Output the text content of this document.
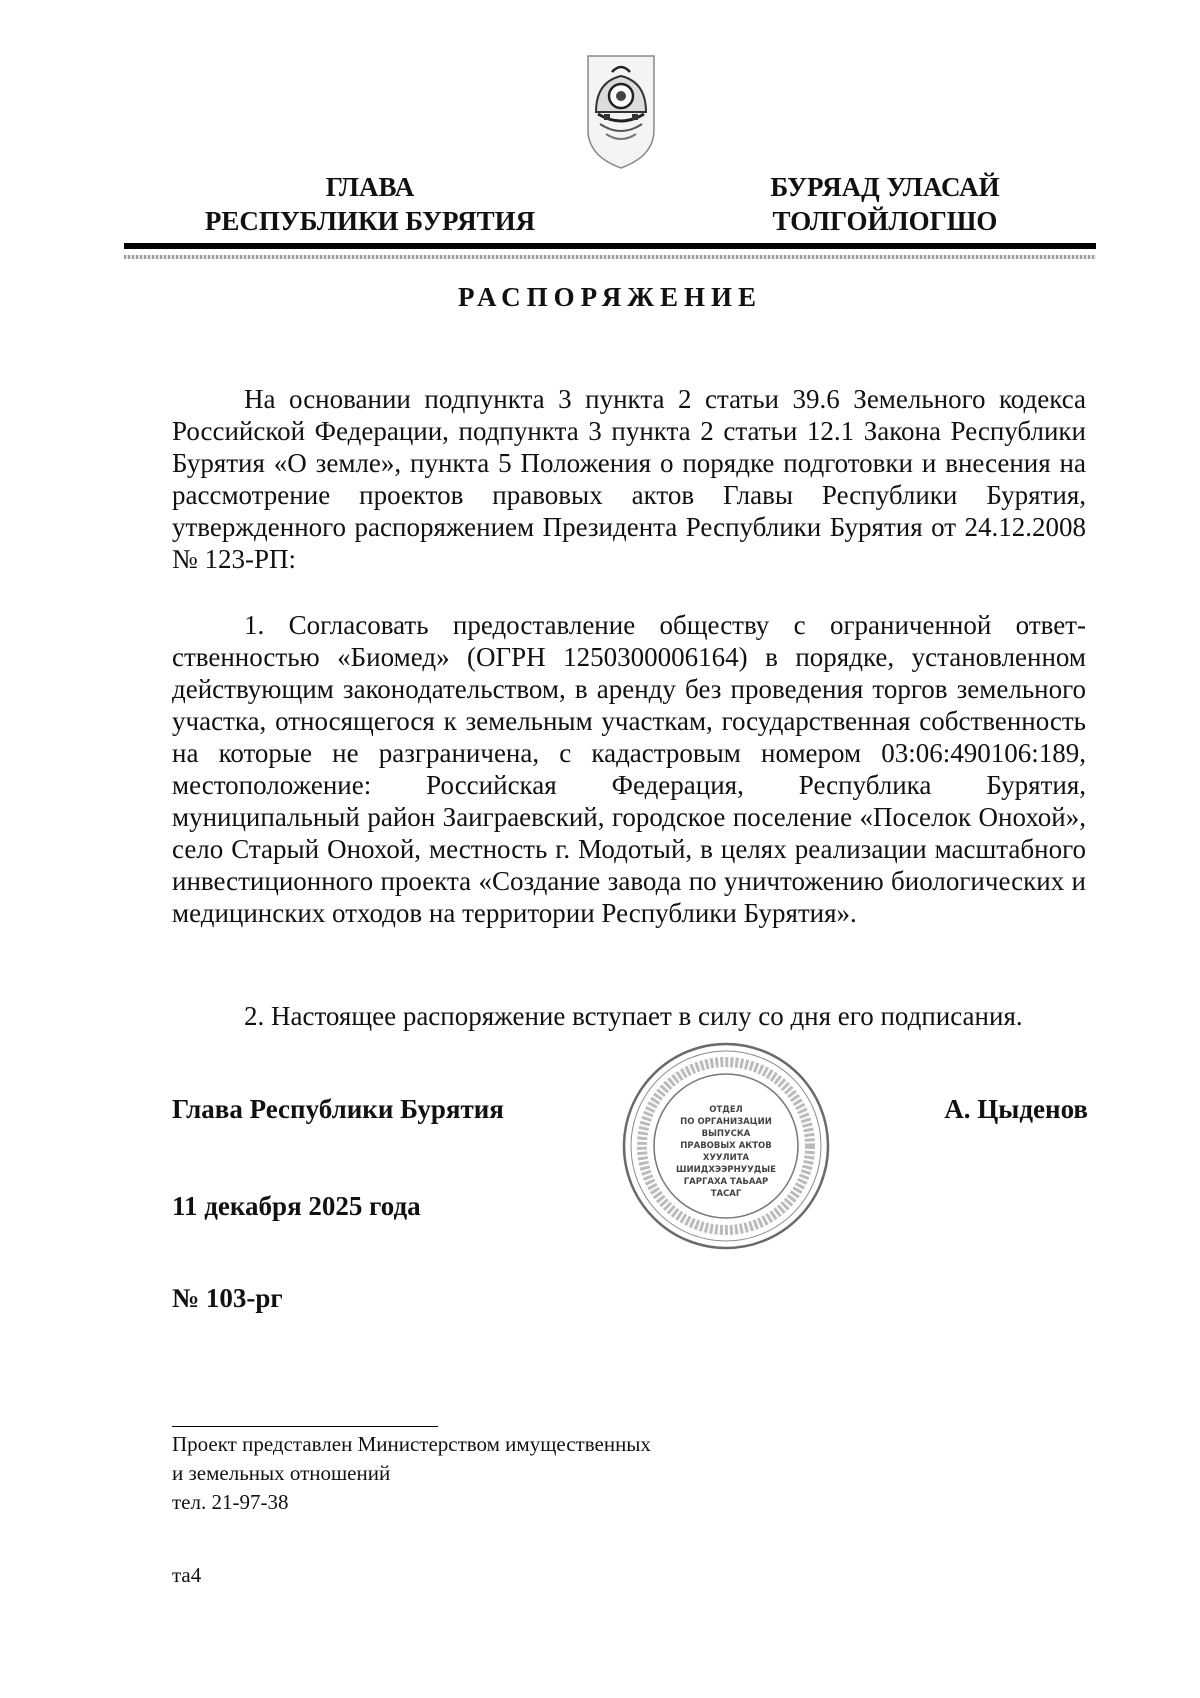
ГЛАВА
РЕСПУБЛИКИ БУРЯТИЯ
БУРЯАД УЛАСАЙ
ТОЛГОЙЛОГШО
РАСПОРЯЖЕНИЕ

На основании подпункта 3 пункта 2 статьи 39.6 Земельного кодекса Российской Федерации, подпункта 3 пункта 2 статьи 12.1 Закона Республики Бурятия «О земле», пункта 5 Положения о порядке подготовки и внесения на рассмотрение проектов правовых актов Главы Республики Бурятия, утвержденного распоряжением Президента Республики Бурятия от 24.12.2008 № 123-РП:

1. Согласовать предоставление обществу с ограниченной ответственностью «Биомед» (ОГРН 1250300006164) в порядке, установленном действующим законодательством, в аренду без проведения торгов земельного участка, относящегося к земельным участкам, государственная собственность на которые не разграничена, с кадастровым номером 03:06:490106:189, местоположение: Российская Федерация, Республика Бурятия, муниципальный район Заиграевский, городское поселение «Поселок Онохой», село Старый Онохой, местность г. Модотый, в целях реализации масштабного инвестиционного проекта «Создание завода по уничтожению биологических и медицинских отходов на территории Республики Бурятия».

2. Настоящее распоряжение вступает в силу со дня его подписания.

Глава Республики Бурятия	А. Цыденов
ОТДЕЛ
ПО ОРГАНИЗАЦИИ
ВЫПУСКА
ПРАВОВЫХ АКТОВ
ХУУЛИТА
ШИИДХЭЭРНУУДЫЕ
ГАРГАХА ТАЬААР
ТАСАГ
11 декабря 2025 года
№ 103-рг
Проект представлен Министерством имущественных
и земельных отношений
тел. 21-97-38
та4
